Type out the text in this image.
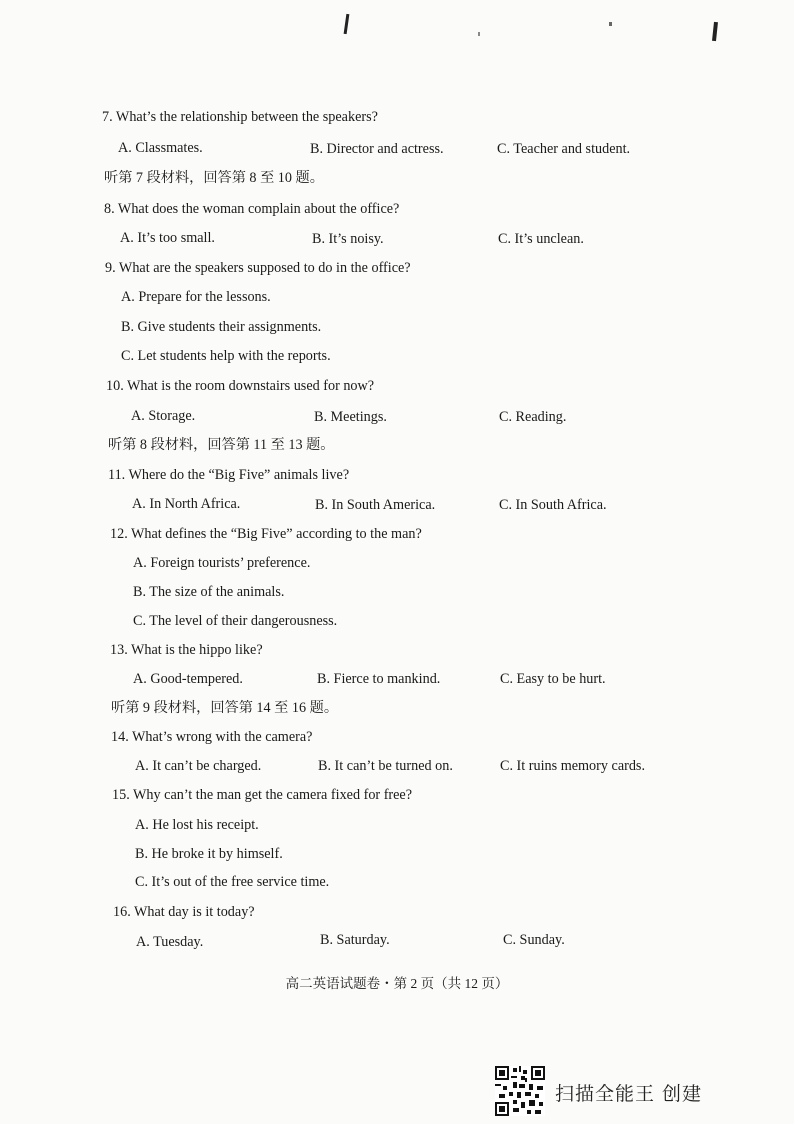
7. What’s the relationship between the speakers?
A. Classmates.	B. Director and actress.	C. Teacher and student.
听第 7 段材料，回答第 8 至 10 题。
8. What does the woman complain about the office?
A. It’s too small.	B. It’s noisy.	C. It’s unclean.
9. What are the speakers supposed to do in the office?
A. Prepare for the lessons.
B. Give students their assignments.
C. Let students help with the reports.
10. What is the room downstairs used for now?
A. Storage.	B. Meetings.	C. Reading.
听第 8 段材料，回答第 11 至 13 题。
11. Where do the “Big Five” animals live?
A. In North Africa.	B. In South America.	C. In South Africa.
12. What defines the “Big Five” according to the man?
A. Foreign tourists’ preference.
B. The size of the animals.
C. The level of their dangerousness.
13. What is the hippo like?
A. Good-tempered.	B. Fierce to mankind.	C. Easy to be hurt.
听第 9 段材料，回答第 14 至 16 题。
14. What’s wrong with the camera?
A. It can’t be charged.	B. It can’t be turned on.	C. It ruins memory cards.
15. Why can’t the man get the camera fixed for free?
A. He lost his receipt.
B. He broke it by himself.
C. It’s out of the free service time.
16. What day is it today?
A. Tuesday.	B. Saturday.	C. Sunday.
高二英语试题卷・第 2 页（共 12 页）
扫描全能王 创建
